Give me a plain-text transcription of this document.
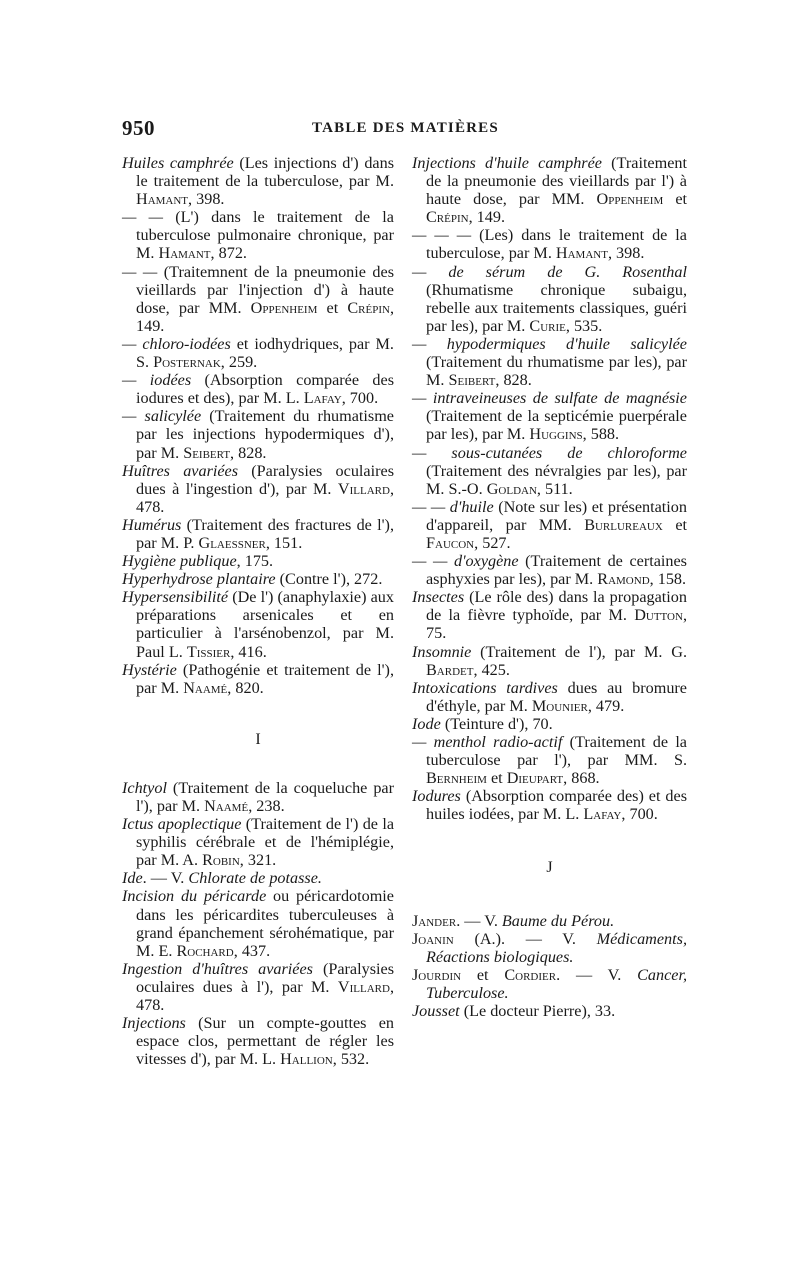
950	TABLE DES MATIÈRES
Huiles camphrée (Les injections d') dans le traitement de la tuberculose, par M. Hamant, 398.
— — (L') dans le traitement de la tuberculose pulmonaire chronique, par M. Hamant, 872.
— — (Traitemnent de la pneumonie des vieillards par l'injection d') à haute dose, par MM. Oppenheim et Crépin, 149.
— chloro-iodées et iodhydriques, par M. S. Posternak, 259.
— iodées (Absorption comparée des iodures et des), par M. L. Lafay, 700.
— salicylée (Traitement du rhumatisme par les injections hypodermiques d'), par M. Seibert, 828.
Huîtres avariées (Paralysies oculaires dues à l'ingestion d'), par M. Villard, 478.
Humérus (Traitement des fractures de l'), par M. P. Glaessner, 151.
Hygiène publique, 175.
Hyperhydrose plantaire (Contre l'), 272.
Hypersensibilité (De l') (anaphylaxie) aux préparations arsenicales et en particulier à l'arsénobenzol, par M. Paul L. Tissier, 416.
Hystérie (Pathogénie et traitement de l'), par M. Naamé, 820.
I
Ichtyol (Traitement de la coqueluche par l'), par M. Naamé, 238.
Ictus apoplectique (Traitement de l') de la syphilis cérébrale et de l'hémiplégie, par M. A. Robin, 321.
Ide. — V. Chlorate de potasse.
Incision du péricarde ou péricardotomie dans les péricardites tuberculeuses à grand épanchement sérohématique, par M. E. Rochard, 437.
Ingestion d'huîtres avariées (Paralysies oculaires dues à l'), par M. Villard, 478.
Injections (Sur un compte-gouttes en espace clos, permettant de régler les vitesses d'), par M. L. Hallion, 532.
Injections d'huile camphrée (Traitement de la pneumonie des vieillards par l') à haute dose, par MM. Oppenheim et Crépin, 149.
— — — (Les) dans le traitement de la tuberculose, par M. Hamant, 398.
— de sérum de G. Rosenthal (Rhumatisme chronique subaigu, rebelle aux traitements classiques, guéri par les), par M. Curie, 535.
— hypodermiques d'huile salicylée (Traitement du rhumatisme par les), par M. Seibert, 828.
— intraveineuses de sulfate de magnésie (Traitement de la septicémie puerpérale par les), par M. Huggins, 588.
— sous-cutanées de chloroforme (Traitement des névralgies par les), par M. S.-O. Goldan, 511.
— — d'huile (Note sur les) et présentation d'appareil, par MM. Burlureaux et Faucon, 527.
— — d'oxygène (Traitement de certaines asphyxies par les), par M. Ramond, 158.
Insectes (Le rôle des) dans la propagation de la fièvre typhoïde, par M. Dutton, 75.
Insomnie (Traitement de l'), par M. G. Bardet, 425.
Intoxications tardives dues au bromure d'éthyle, par M. Mounier, 479.
Iode (Teinture d'), 70.
— menthol radio-actif (Traitement de la tuberculose par l'), par MM. S. Bernheim et Dieupart, 868.
Iodures (Absorption comparée des) et des huiles iodées, par M. L. Lafay, 700.
J
Jander. — V. Baume du Pérou.
Joanin (A.). — V. Médicaments, Réactions biologiques.
Jourdin et Cordier. — V. Cancer, Tuberculose.
Jousset (Le docteur Pierre), 33.
